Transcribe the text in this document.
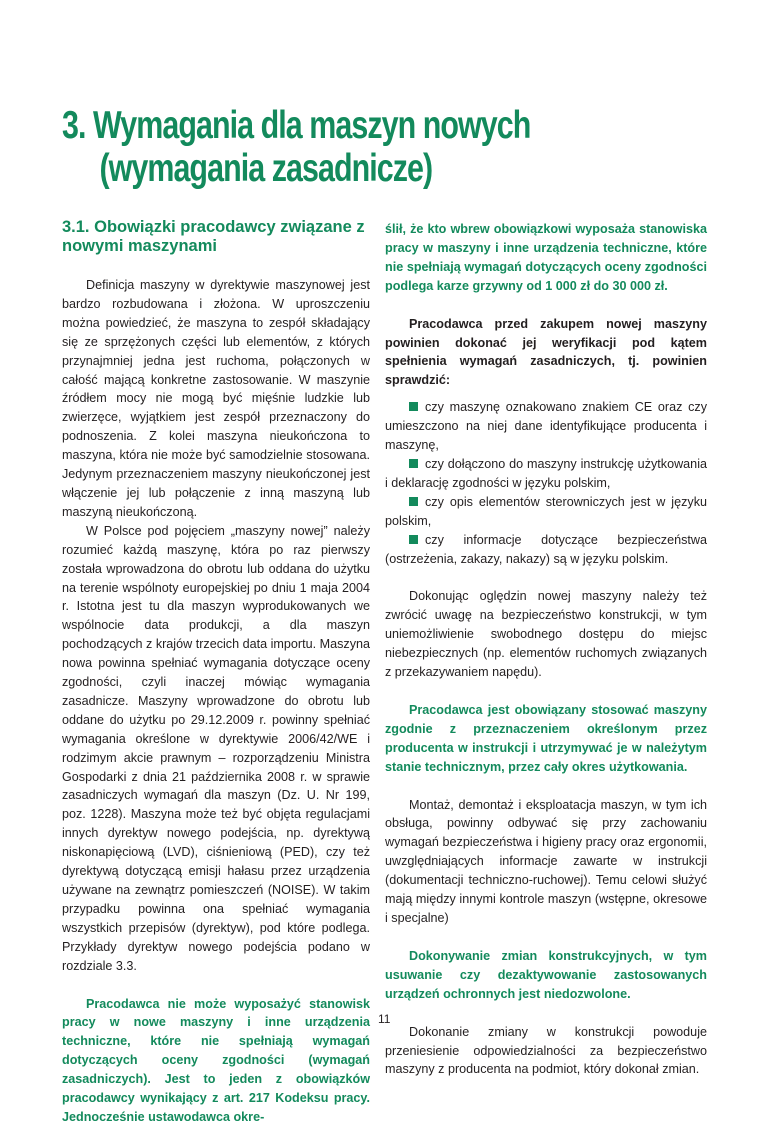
3. Wymagania dla maszyn nowych

(wymagania zasadnicze)
3.1. Obowiązki pracodawcy związane z nowymi maszynami

Definicja maszyny w dyrektywie maszynowej jest bardzo rozbudowana i złożona. W uproszczeniu można powiedzieć, że maszyna to zespół składający się ze sprzężonych części lub elementów, z których przynajmniej jedna jest ruchoma, połączonych w całość mającą konkretne zastosowanie. W maszynie źródłem mocy nie mogą być mięśnie ludzkie lub zwierzęce, wyjątkiem jest zespół przeznaczony do podnoszenia. Z kolei maszyna nieukończona to maszyna, która nie może być samodzielnie stosowana. Jedynym przeznaczeniem maszyny nieukończonej jest włączenie jej lub połączenie z inną maszyną lub maszyną nieukończoną.

W Polsce pod pojęciem „maszyny nowej” należy rozumieć każdą maszynę, która po raz pierwszy została wprowadzona do obrotu lub oddana do użytku na terenie wspólnoty europejskiej po dniu 1 maja 2004 r. Istotna jest tu dla maszyn wyprodukowanych we wspólnocie data produkcji, a dla maszyn pochodzących z krajów trzecich data importu. Maszyna nowa powinna spełniać wymagania dotyczące oceny zgodności, czyli inaczej mówiąc wymagania zasadnicze. Maszyny wprowadzone do obrotu lub oddane do użytku po 29.12.2009 r. powinny spełniać wymagania określone w dyrektywie 2006/42/WE i rodzimym akcie prawnym – rozporządzeniu Ministra Gospodarki z dnia 21 października 2008 r. w sprawie zasadniczych wymagań dla maszyn (Dz. U. Nr 199, poz. 1228). Maszyna może też być objęta regulacjami innych dyrektyw nowego podejścia, np. dyrektywą niskonapięciową (LVD), ciśnieniową (PED), czy też dyrektywą dotyczącą emisji hałasu przez urządzenia używane na zewnątrz pomieszczeń (NOISE). W takim przypadku powinna ona spełniać wymagania wszystkich przepisów (dyrektyw), pod które podlega. Przykłady dyrektyw nowego podejścia podano w rozdziale 3.3.

Pracodawca nie może wyposażyć stanowisk pracy w nowe maszyny i inne urządzenia techniczne, które nie spełniają wymagań dotyczących oceny zgodności (wymagań zasadniczych). Jest to jeden z obowiązków pracodawcy wynikający z art. 217 Kodeksu pracy. Jednocześnie ustawodawca okre-

ślił, że kto wbrew obowiązkowi wyposaża stanowiska pracy w maszyny i inne urządzenia techniczne, które nie spełniają wymagań dotyczących oceny zgodności podlega karze grzywny od 1 000 zł do 30 000 zł.

Pracodawca przed zakupem nowej maszyny powinien dokonać jej weryfikacji pod kątem spełnienia wymagań zasadniczych, tj. powinien sprawdzić:

czy maszynę oznakowano znakiem CE oraz czy umieszczono na niej dane identyfikujące producenta i maszynę,

czy dołączono do maszyny instrukcję użytkowania i deklarację zgodności w języku polskim,

czy opis elementów sterowniczych jest w języku polskim,

czy informacje dotyczące bezpieczeństwa (ostrzeżenia, zakazy, nakazy) są w języku polskim.

Dokonując oględzin nowej maszyny należy też zwrócić uwagę na bezpieczeństwo konstrukcji, w tym uniemożliwienie swobodnego dostępu do miejsc niebezpiecznych (np. elementów ruchomych związanych z przekazywaniem napędu).

Pracodawca jest obowiązany stosować maszyny zgodnie z przeznaczeniem określonym przez producenta w instrukcji i utrzymywać je w należytym stanie technicznym, przez cały okres użytkowania.

Montaż, demontaż i eksploatacja maszyn, w tym ich obsługa, powinny odbywać się przy zachowaniu wymagań bezpieczeństwa i higieny pracy oraz ergonomii, uwzględniających informacje zawarte w instrukcji (dokumentacji techniczno-ruchowej). Temu celowi służyć mają między innymi kontrole maszyn (wstępne, okresowe i specjalne)

Dokonywanie zmian konstrukcyjnych, w tym usuwanie czy dezaktywowanie zastosowanych urządzeń ochronnych jest niedozwolone.

Dokonanie zmiany w konstrukcji powoduje przeniesienie odpowiedzialności za bezpieczeństwo maszyny z producenta na podmiot, który dokonał zmian.

11
